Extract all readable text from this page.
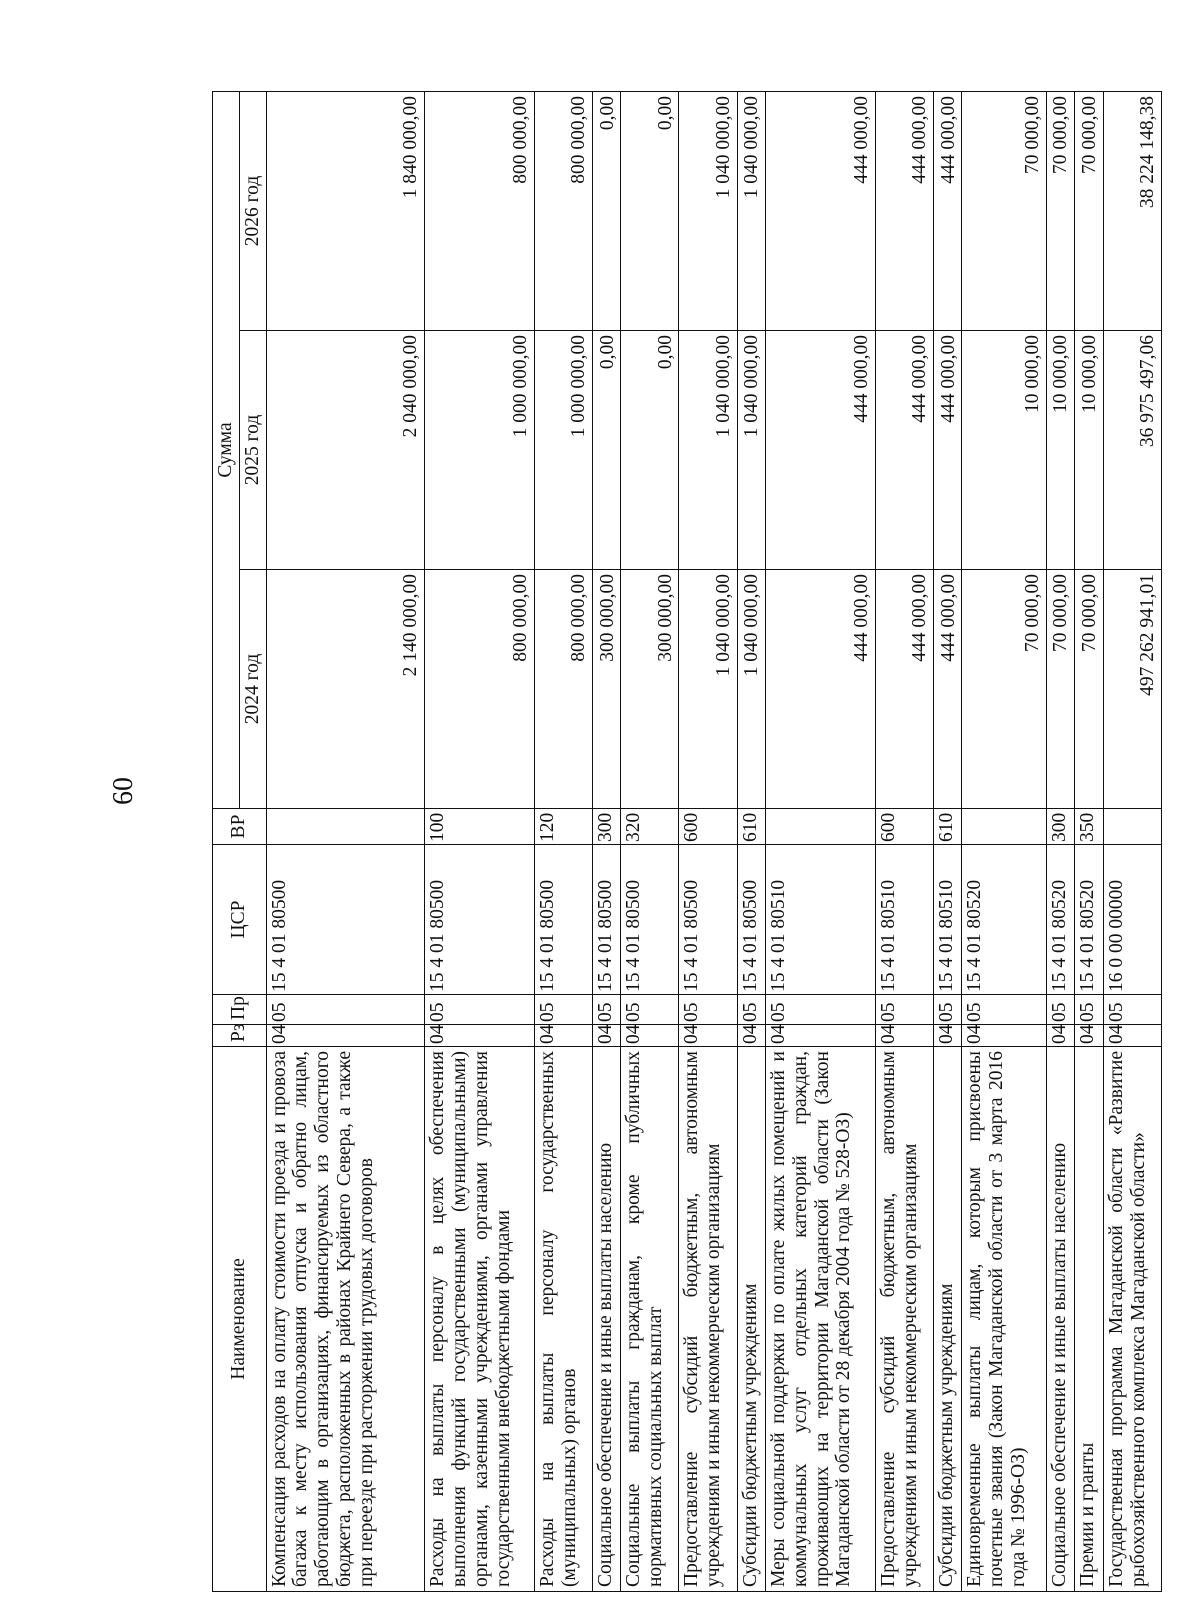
60
Наименование	Рз	Пр	ЦСР	ВР	Сумма		
					2024 год	2025 год	2026 год
Компенсация расходов на оплату стоимости проезда и провоза багажа к месту использования отпуска и обратно лицам, работающим в организациях, финансируемых из областного бюджета, расположенных в районах Крайнего Севера, а также при переезде при расторжении трудовых договоров	04	05	15 4 01 80500		2 140 000,00	2 040 000,00	1 840 000,00
Расходы на выплаты персоналу в целях обеспечения выполнения функций государственными (муниципальными) органами, казенными учреждениями, органами управления государственными внебюджетными фондами	04	05	15 4 01 80500	100	800 000,00	1 000 000,00	800 000,00
Расходы на выплаты персоналу государственных (муниципальных) органов	04	05	15 4 01 80500	120	800 000,00	1 000 000,00	800 000,00
Социальное обеспечение и иные выплаты населению	04	05	15 4 01 80500	300	300 000,00	0,00	0,00
Социальные выплаты гражданам, кроме публичных нормативных социальных выплат	04	05	15 4 01 80500	320	300 000,00	0,00	0,00
Предоставление субсидий бюджетным, автономным учреждениям и иным некоммерческим организациям	04	05	15 4 01 80500	600	1 040 000,00	1 040 000,00	1 040 000,00
Субсидии бюджетным учреждениям	04	05	15 4 01 80500	610	1 040 000,00	1 040 000,00	1 040 000,00
Меры социальной поддержки по оплате жилых помещений и коммунальных услуг отдельных категорий граждан, проживающих на территории Магаданской области (Закон Магаданской области от 28 декабря 2004 года № 528-ОЗ)	04	05	15 4 01 80510		444 000,00	444 000,00	444 000,00
Предоставление субсидий бюджетным, автономным учреждениям и иным некоммерческим организациям	04	05	15 4 01 80510	600	444 000,00	444 000,00	444 000,00
Субсидии бюджетным учреждениям	04	05	15 4 01 80510	610	444 000,00	444 000,00	444 000,00
Единовременные выплаты лицам, которым присвоены почетные звания (Закон Магаданской области от 3 марта 2016 года № 1996-ОЗ)	04	05	15 4 01 80520		70 000,00	10 000,00	70 000,00
Социальное обеспечение и иные выплаты населению	04	05	15 4 01 80520	300	70 000,00	10 000,00	70 000,00
Премии и гранты	04	05	15 4 01 80520	350	70 000,00	10 000,00	70 000,00
Государственная программа Магаданской области «Развитие рыбохозяйственного комплекса Магаданской области»	04	05	16 0 00 00000		497 262 941,01	36 975 497,06	38 224 148,38
